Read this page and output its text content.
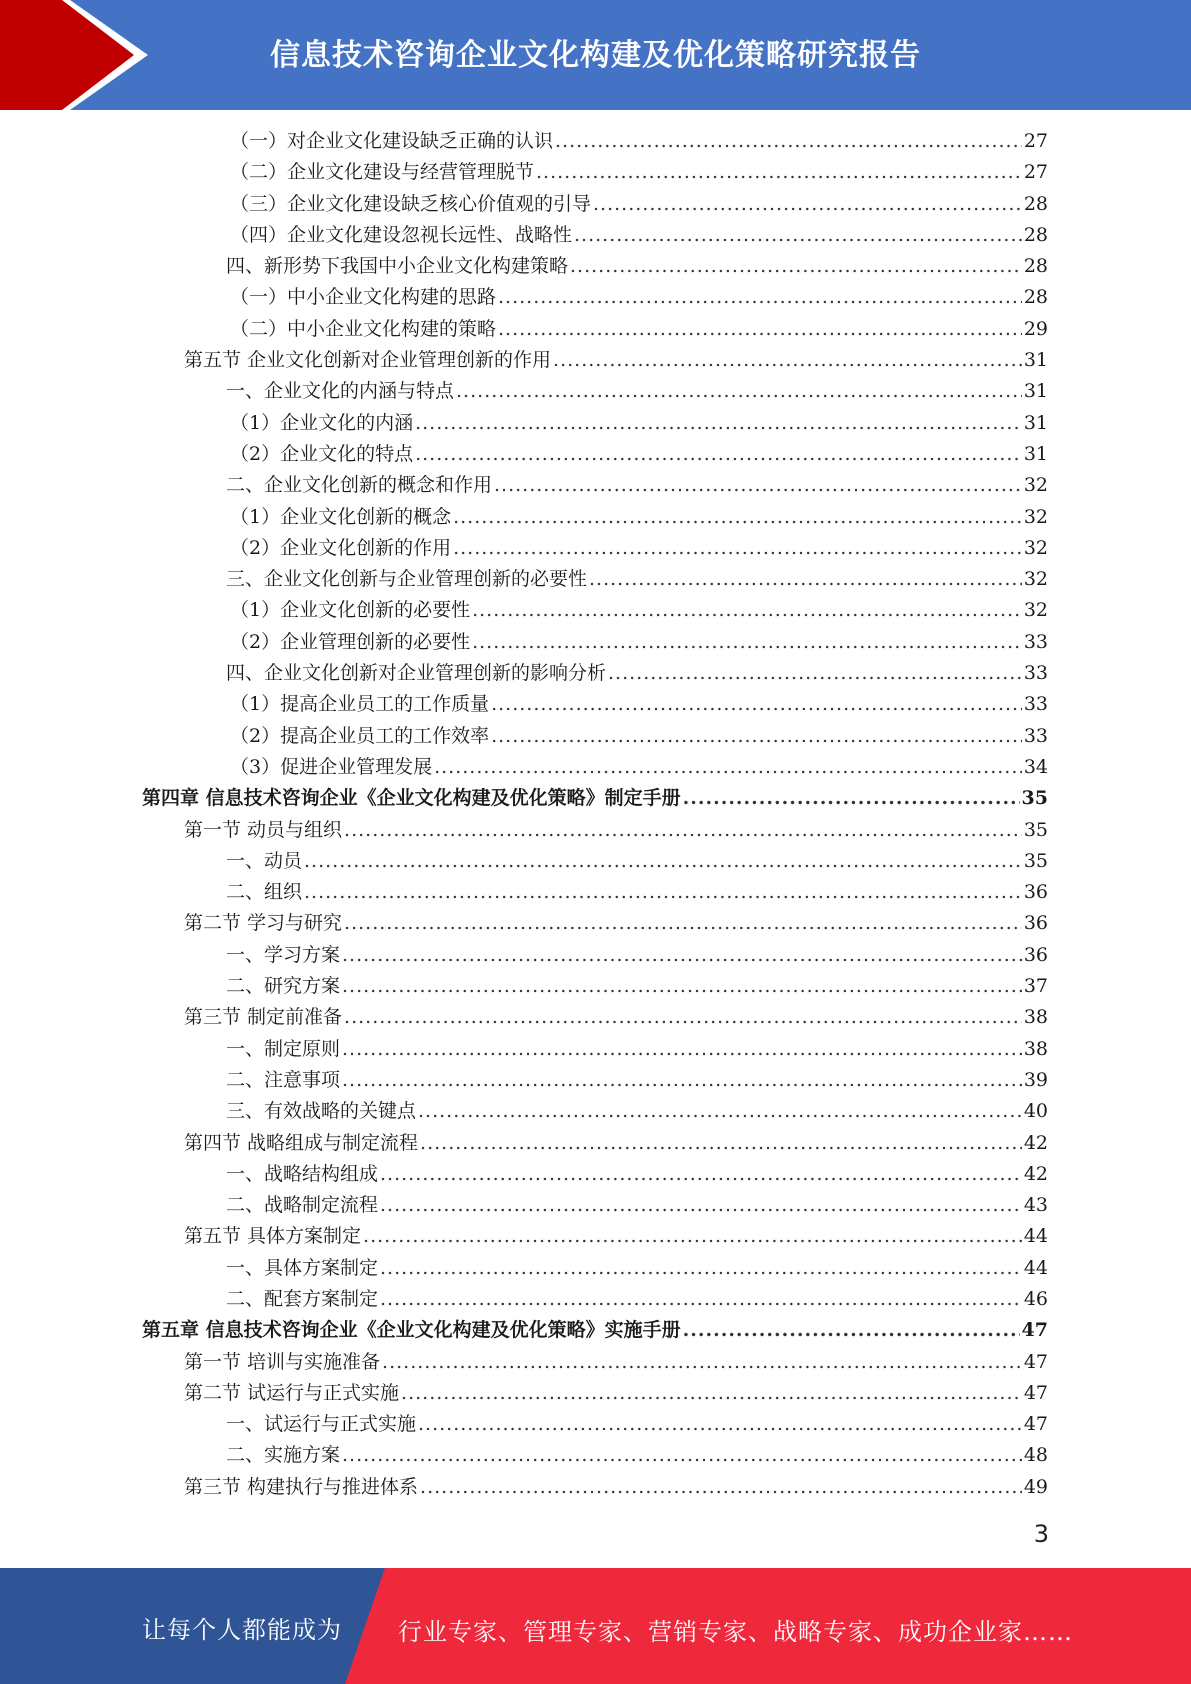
信息技术咨询企业文化构建及优化策略研究报告
（一）对企业文化建设缺乏正确的认识 .....	27
（二）企业文化建设与经营管理脱节 .....	27
（三）企业文化建设缺乏核心价值观的引导 .....	28
（四）企业文化建设忽视长远性、战略性 .....	28
四、新形势下我国中小企业文化构建策略 .....	28
（一）中小企业文化构建的思路 .....	28
（二）中小企业文化构建的策略 .....	29
第五节 企业文化创新对企业管理创新的作用 .....	31
一、企业文化的内涵与特点 .....	31
（1）企业文化的内涵 .....	31
（2）企业文化的特点 .....	31
二、企业文化创新的概念和作用 .....	32
（1）企业文化创新的概念 .....	32
（2）企业文化创新的作用 .....	32
三、企业文化创新与企业管理创新的必要性 .....	32
（1）企业文化创新的必要性 .....	32
（2）企业管理创新的必要性 .....	33
四、企业文化创新对企业管理创新的影响分析 .....	33
（1）提高企业员工的工作质量 .....	33
（2）提高企业员工的工作效率 .....	33
（3）促进企业管理发展 .....	34
第四章 信息技术咨询企业《企业文化构建及优化策略》制定手册 .....	35
第一节 动员与组织 .....	35
一、动员 .....	35
二、组织 .....	36
第二节 学习与研究 .....	36
一、学习方案 .....	36
二、研究方案 .....	37
第三节 制定前准备 .....	38
一、制定原则 .....	38
二、注意事项 .....	39
三、有效战略的关键点 .....	40
第四节 战略组成与制定流程 .....	42
一、战略结构组成 .....	42
二、战略制定流程 .....	43
第五节 具体方案制定 .....	44
一、具体方案制定 .....	44
二、配套方案制定 .....	46
第五章 信息技术咨询企业《企业文化构建及优化策略》实施手册 .....	47
第一节 培训与实施准备 .....	47
第二节 试运行与正式实施 .....	47
一、试运行与正式实施 .....	47
二、实施方案 .....	48
第三节 构建执行与推进体系 .....	49
3
让每个人都能成为 行业专家、管理专家、营销专家、战略专家、成功企业家……
